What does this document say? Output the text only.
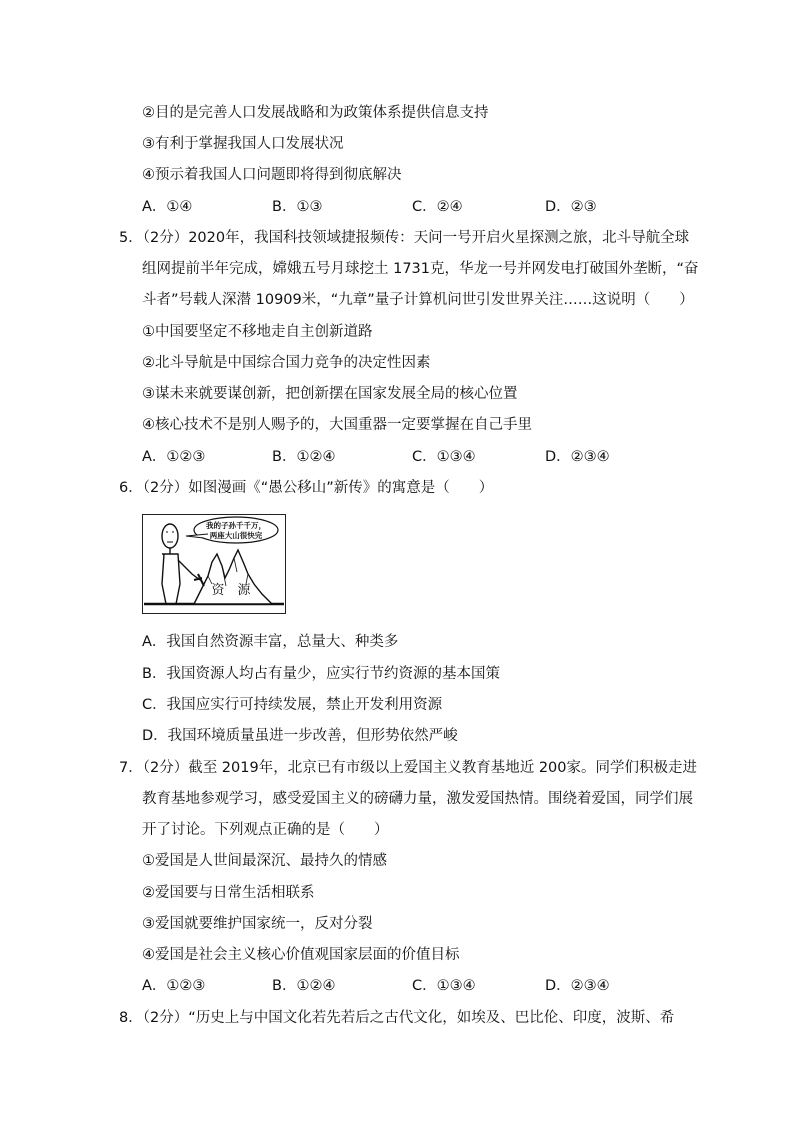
②目的是完善人口发展战略和为政策体系提供信息支持
③有利于掌握我国人口发展状况
④预示着我国人口问题即将得到彻底解决
A．①④	B．①③	C．②④	D．②③
5．（2分）2020年，我国科技领域捷报频传：天问一号开启火星探测之旅，北斗导航全球
组网提前半年完成，嫦娥五号月球挖土 1731克，华龙一号并网发电打破国外垄断，“奋
斗者”号载人深潜 10909米，“九章”量子计算机问世引发世界关注……这说明（　　）
①中国要坚定不移地走自主创新道路
②北斗导航是中国综合国力竞争的决定性因素
③谋未来就要谋创新，把创新摆在国家发展全局的核心位置
④核心技术不是别人赐予的，大国重器一定要掌握在自己手里
A．①②③	B．①②④	C．①③④	D．②③④
6．（2分）如图漫画《“愚公移山”新传》的寓意是（　　）
我的子孙千千万，
两座大山很快完
资 源
A．我国自然资源丰富，总量大、种类多
B．我国资源人均占有量少，应实行节约资源的基本国策
C．我国应实行可持续发展，禁止开发利用资源
D．我国环境质量虽进一步改善，但形势依然严峻
7．（2分）截至 2019年，北京已有市级以上爱国主义教育基地近 200家。同学们积极走进
教育基地参观学习，感受爱国主义的磅礴力量，激发爱国热情。围绕着爱国，同学们展
开了讨论。下列观点正确的是（　　）
①爱国是人世间最深沉、最持久的情感
②爱国要与日常生活相联系
③爱国就要维护国家统一，反对分裂
④爱国是社会主义核心价值观国家层面的价值目标
A．①②③	B．①②④	C．①③④	D．②③④
8．（2分）“历史上与中国文化若先若后之古代文化，如埃及、巴比伦、印度，波斯、希
